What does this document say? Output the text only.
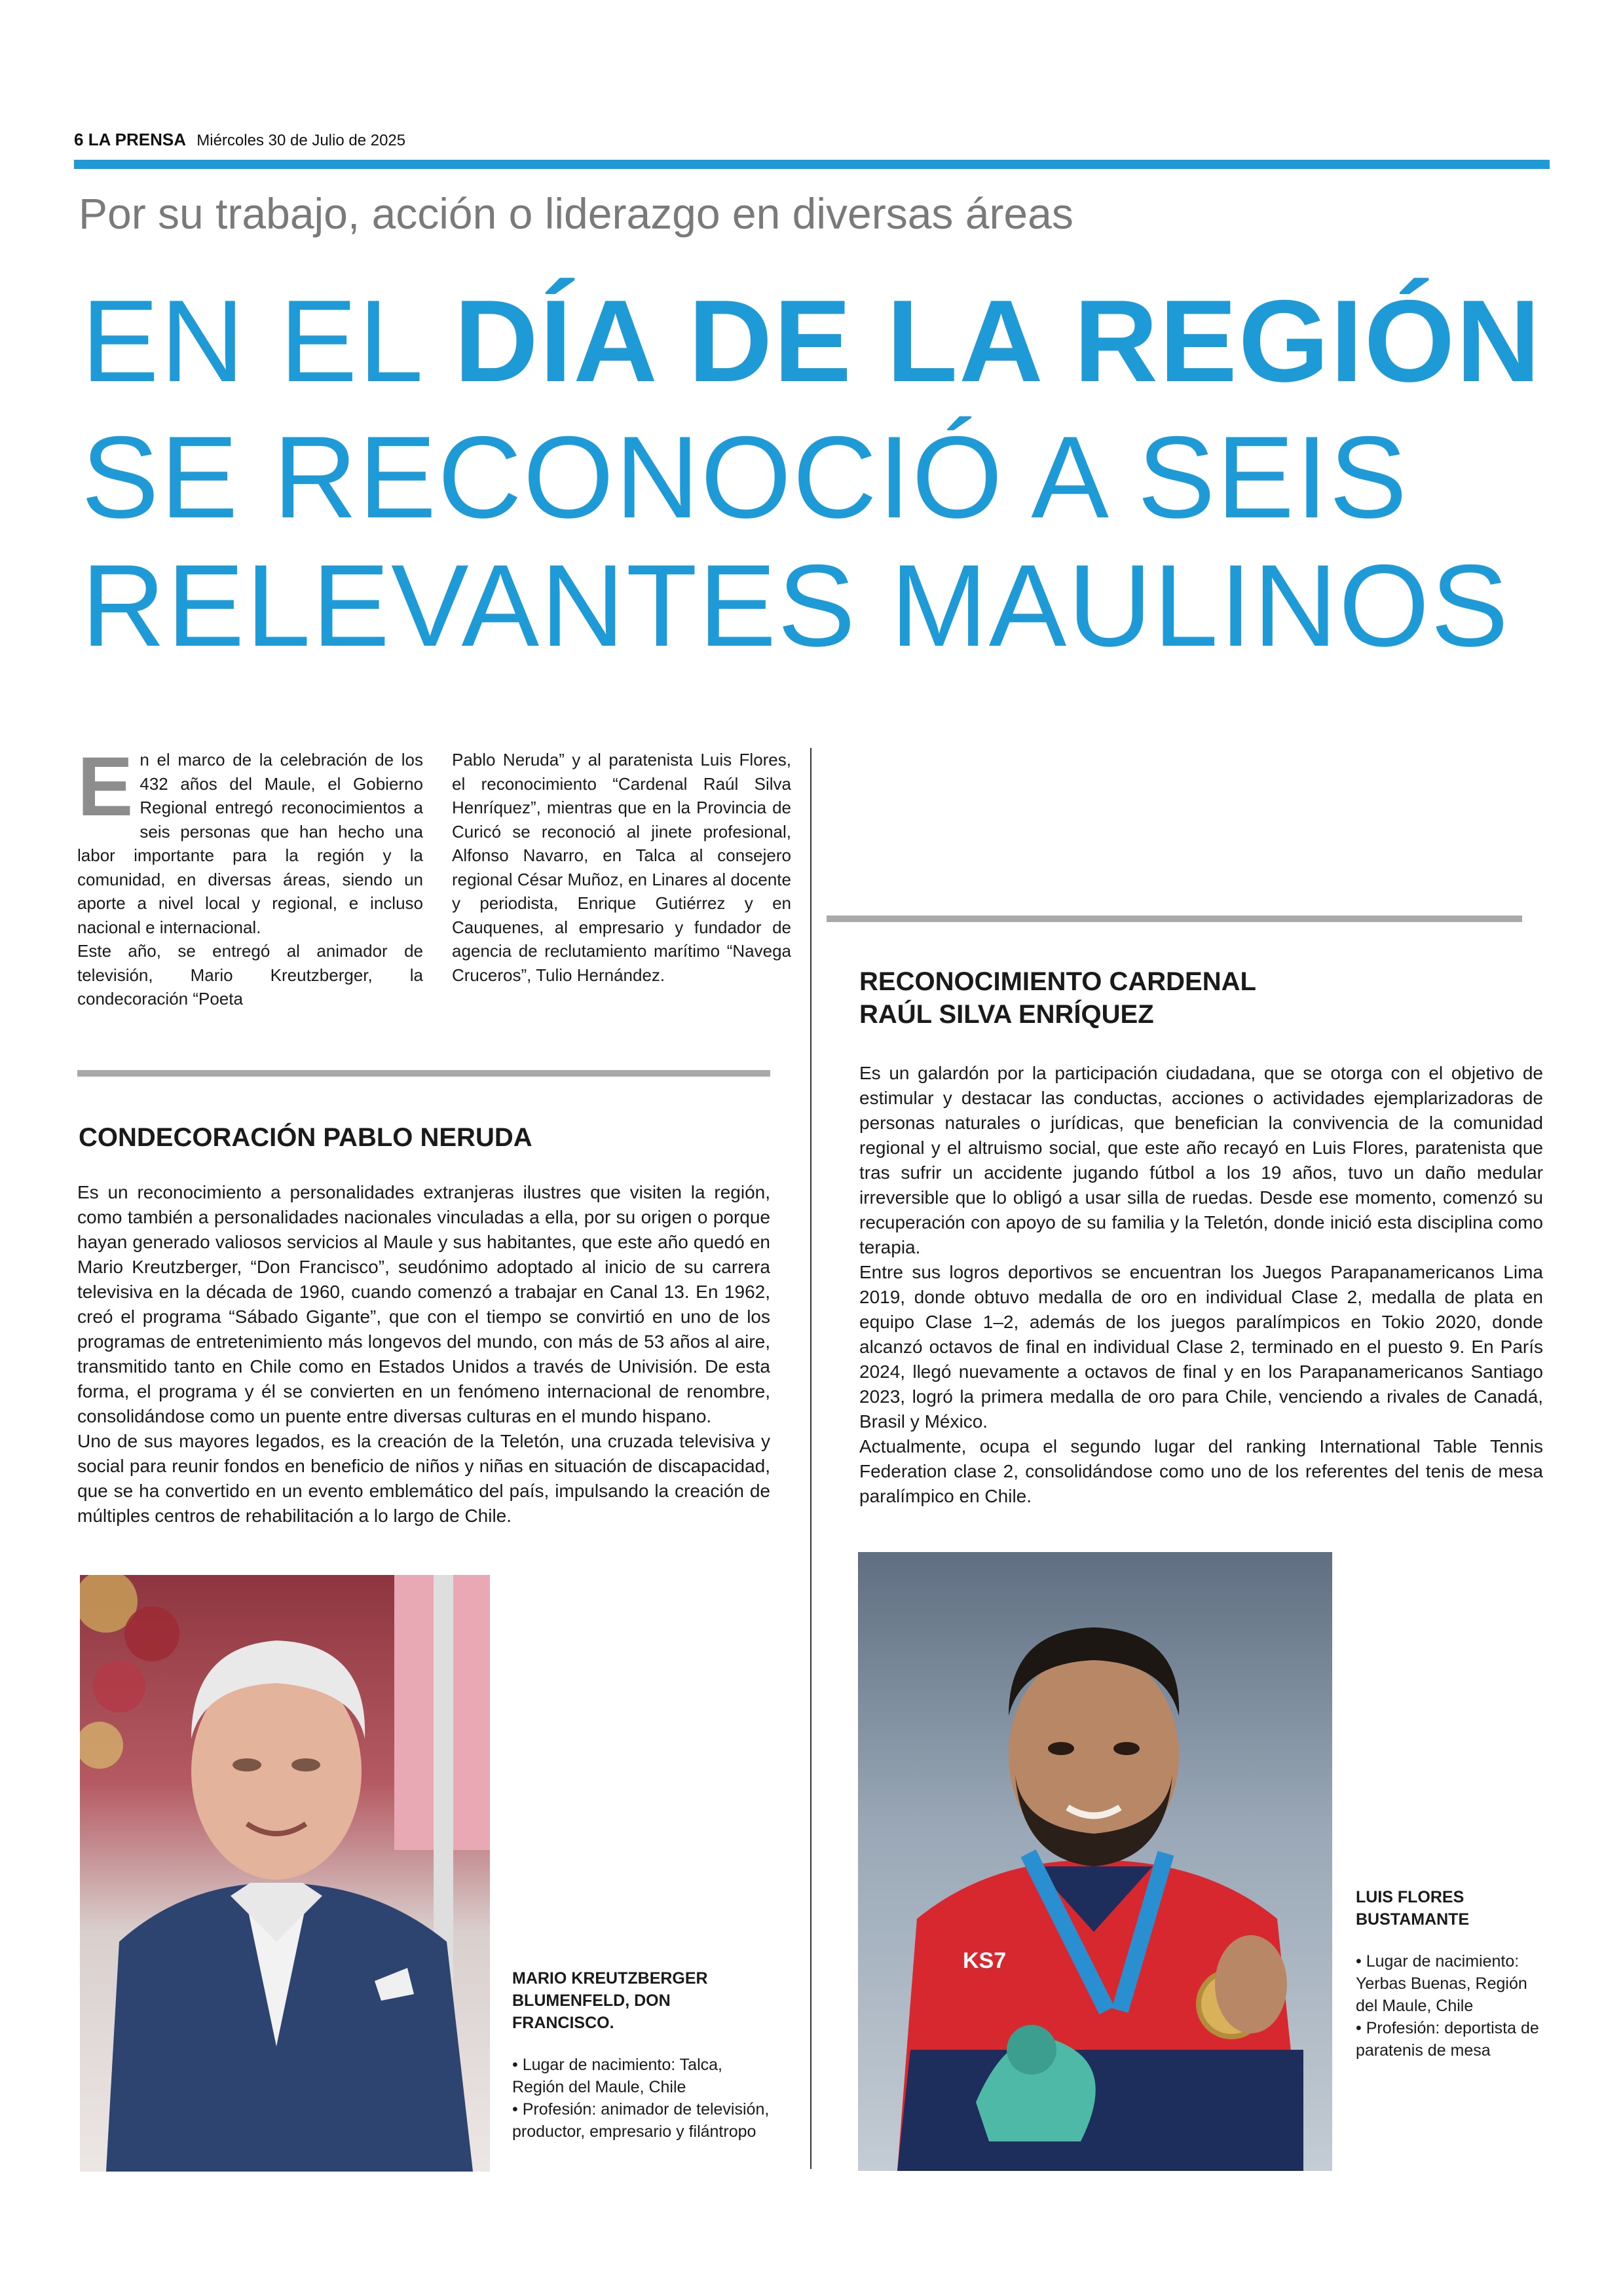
6 LA PRENSA Miércoles 30 de Julio de 2025
Por su trabajo, acción o liderazgo en diversas áreas
EN EL DÍA DE LA REGIÓN
SE RECONOCIÓ A SEIS
RELEVANTES MAULINOS

En el marco de la celebración de los 432 años del Maule, el Gobierno Regional entregó reconocimientos a seis personas que han hecho una labor importante para la región y la comunidad, en diversas áreas, siendo un aporte a nivel local y regional, e incluso nacional e internacional.

Este año, se entregó al animador de televisión, Mario Kreutzberger, la condecoración “Poeta

Pablo Neruda” y al paratenista Luis Flores, el reconocimiento “Cardenal Raúl Silva Henríquez”, mientras que en la Provincia de Curicó se reconoció al jinete profesional, Alfonso Navarro, en Talca al consejero regional César Muñoz, en Linares al docente y periodista, Enrique Gutiérrez y en Cauquenes, al empresario y fundador de agencia de reclutamiento marítimo “Navega Cruceros”, Tulio Hernández.

CONDECORACIÓN PABLO NERUDA

Es un reconocimiento a personalidades extranjeras ilustres que visiten la región, como también a personalidades nacionales vinculadas a ella, por su origen o porque hayan generado valiosos servicios al Maule y sus habitantes, que este año quedó en Mario Kreutzberger, “Don Francisco”, seudónimo adoptado al inicio de su carrera televisiva en la década de 1960, cuando comenzó a trabajar en Canal 13. En 1962, creó el programa “Sábado Gigante”, que con el tiempo se convirtió en uno de los programas de entretenimiento más longevos del mundo, con más de 53 años al aire, transmitido tanto en Chile como en Estados Unidos a través de Univisión. De esta forma, el programa y él se convierten en un fenómeno internacional de renombre, consolidándose como un puente entre diversas culturas en el mundo hispano.

Uno de sus mayores legados, es la creación de la Teletón, una cruzada televisiva y social para reunir fondos en beneficio de niños y niñas en situación de discapacidad, que se ha convertido en un evento emblemático del país, impulsando la creación de múltiples centros de rehabilitación a lo largo de Chile.

RECONOCIMIENTO CARDENAL
RAÚL SILVA ENRÍQUEZ

Es un galardón por la participación ciudadana, que se otorga con el objetivo de estimular y destacar las conductas, acciones o actividades ejemplarizadoras de personas naturales o jurídicas, que benefician la convivencia de la comunidad regional y el altruismo social, que este año recayó en Luis Flores, paratenista que tras sufrir un accidente jugando fútbol a los 19 años, tuvo un daño medular irreversible que lo obligó a usar silla de ruedas. Desde ese momento, comenzó su recuperación con apoyo de su familia y la Teletón, donde inició esta disciplina como terapia.

Entre sus logros deportivos se encuentran los Juegos Parapanamericanos Lima 2019, donde obtuvo medalla de oro en individual Clase 2, medalla de plata en equipo Clase 1–2, además de los juegos paralímpicos en Tokio 2020, donde alcanzó octavos de final en individual Clase 2, terminado en el puesto 9. En París 2024, llegó nuevamente a octavos de final y en los Parapanamericanos Santiago 2023, logró la primera medalla de oro para Chile, venciendo a rivales de Canadá, Brasil y México.

Actualmente, ocupa el segundo lugar del ranking International Table Tennis Federation clase 2, consolidándose como uno de los referentes del tenis de mesa paralímpico en Chile.

KS7
MARIO KREUTZBERGER BLUMENFELD, DON FRANCISCO.
• Lugar de nacimiento: Talca, Región del Maule, Chile
• Profesión: animador de televisión, productor, empresario y filántropo
LUIS FLORES BUSTAMANTE
• Lugar de nacimiento: Yerbas Buenas, Región del Maule, Chile
• Profesión: deportista de paratenis de mesa
